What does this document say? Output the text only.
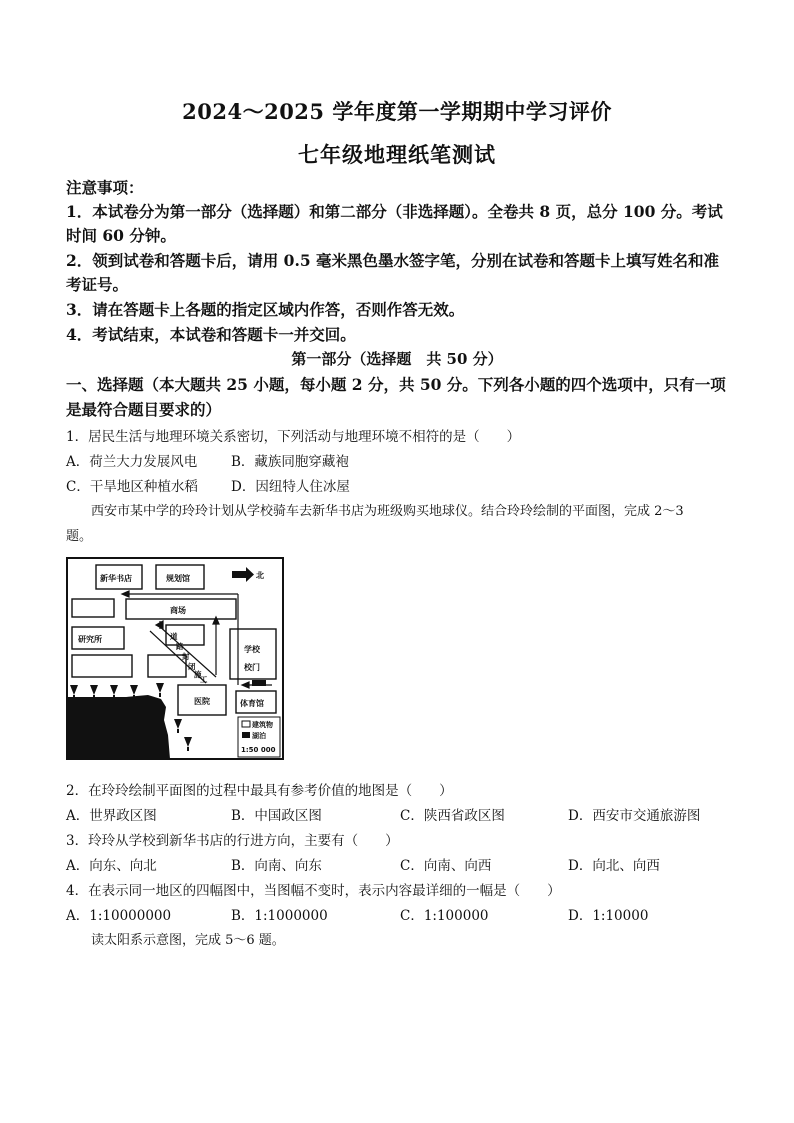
2024～2025 学年度第一学期期中学习评价
七年级地理纸笔测试
注意事项：
1．本试卷分为第一部分（选择题）和第二部分（非选择题）。全卷共 8 页，总分 100 分。考试
时间 60 分钟。
2．领到试卷和答题卡后，请用 0.5 毫米黑色墨水签字笔，分别在试卷和答题卡上填写姓名和准
考证号。
3．请在答题卡上各题的指定区域内作答，否则作答无效。
4．考试结束，本试卷和答题卡一并交回。
第一部分（选择题　共 50 分）
一、选择题（本大题共 25 小题，每小题 2 分，共 50 分。下列各小题的四个选项中，只有一项
是最符合题目要求的）
1．居民生活与地理环境关系密切，下列活动与地理环境不相符的是（　　）
A．荷兰大力发展风电	B．藏族同胞穿藏袍
C．干旱地区种植水稻 D．因纽特人住冰屋
西安市某中学的玲玲计划从学校骑车去新华书店为班级购买地球仪。结合玲玲绘制的平面图，完成 2～3
题。
新华书店	规划馆	北
商场
研究所	道
路
封
闭
施
工
学校
校门
医院	体育馆
建筑物
湖泊
1:50 000
2．在玲玲绘制平面图的过程中最具有参考价值的地图是（　　）
A．世界政区图	B．中国政区图	C．陕西省政区图	D．西安市交通旅游图
3．玲玲从学校到新华书店的行进方向，主要有（　　）
A．向东、向北	B．向南、向东	C．向南、向西	D．向北、向西
4．在表示同一地区的四幅图中，当图幅不变时，表示内容最详细的一幅是（　　）
A．1:10000000	B．1:1000000	C．1:100000	D．1:10000
读太阳系示意图，完成 5～6 题。
